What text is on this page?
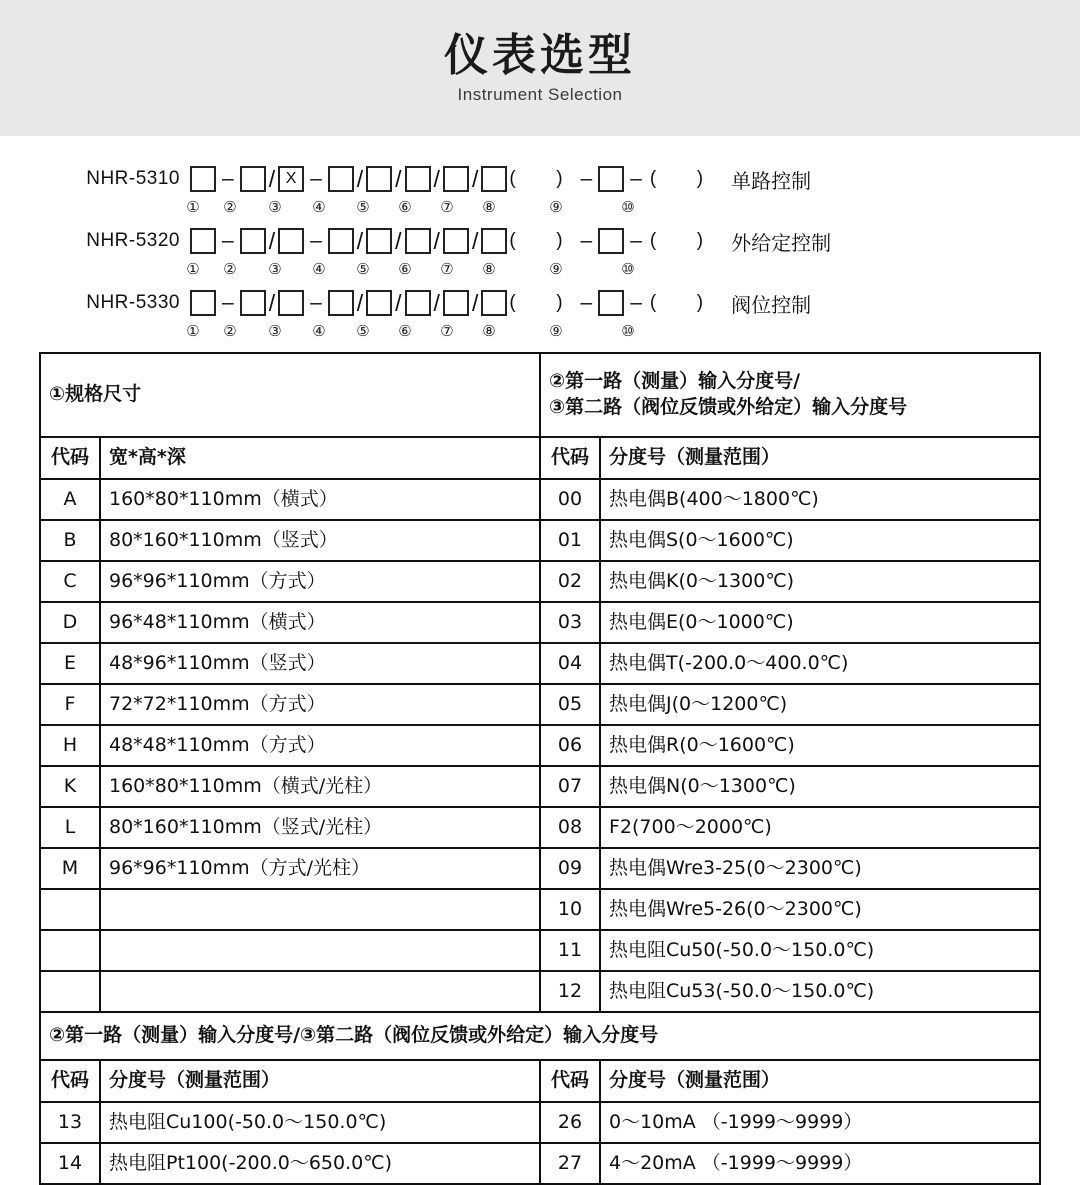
仪表选型
Instrument Selection
NHR-5310	– / X – / / / / (  ) – – (  ) 单路控制
①	②	③	④	⑤	⑥	⑦	⑧	⑨	⑩
NHR-5320	– / – / / / / (  ) – – (  ) 外给定控制
①	②	③	④	⑤	⑥	⑦	⑧	⑨	⑩
NHR-5330	– / – / / / / (  ) – – (  ) 阀位控制
①	②	③	④	⑤	⑥	⑦	⑧	⑨	⑩
①规格尺寸		②第一路（测量）输入分度号/
③第二路（阀位反馈或外给定）输入分度号	

代码	宽*高*深	代码	分度号（测量范围）
A	160*80*110mm（横式）	00	热电偶B(400～1800℃)
B	80*160*110mm（竖式）	01	热电偶S(0～1600℃)
C	96*96*110mm（方式）	02	热电偶K(0～1300℃)
D	96*48*110mm（横式）	03	热电偶E(0～1000℃)
E	48*96*110mm（竖式）	04	热电偶T(-200.0～400.0℃)
F	72*72*110mm（方式）	05	热电偶J(0～1200℃)
H	48*48*110mm（方式）	06	热电偶R(0～1600℃)
K	160*80*110mm（横式/光柱）	07	热电偶N(0～1300℃)
L	80*160*110mm（竖式/光柱）	08	F2(700～2000℃)
M	96*96*110mm（方式/光柱）	09	热电偶Wre3-25(0～2300℃)
		10	热电偶Wre5-26(0～2300℃)
		11	热电阻Cu50(-50.0～150.0℃)
		12	热电阻Cu53(-50.0～150.0℃)
②第一路（测量）输入分度号/③第二路（阀位反馈或外给定）输入分度号			
代码	分度号（测量范围）	代码	分度号（测量范围）
13	热电阻Cu100(-50.0～150.0℃)	26	0～10mA （-1999～9999）
14	热电阻Pt100(-200.0～650.0℃)	27	4～20mA （-1999～9999）
